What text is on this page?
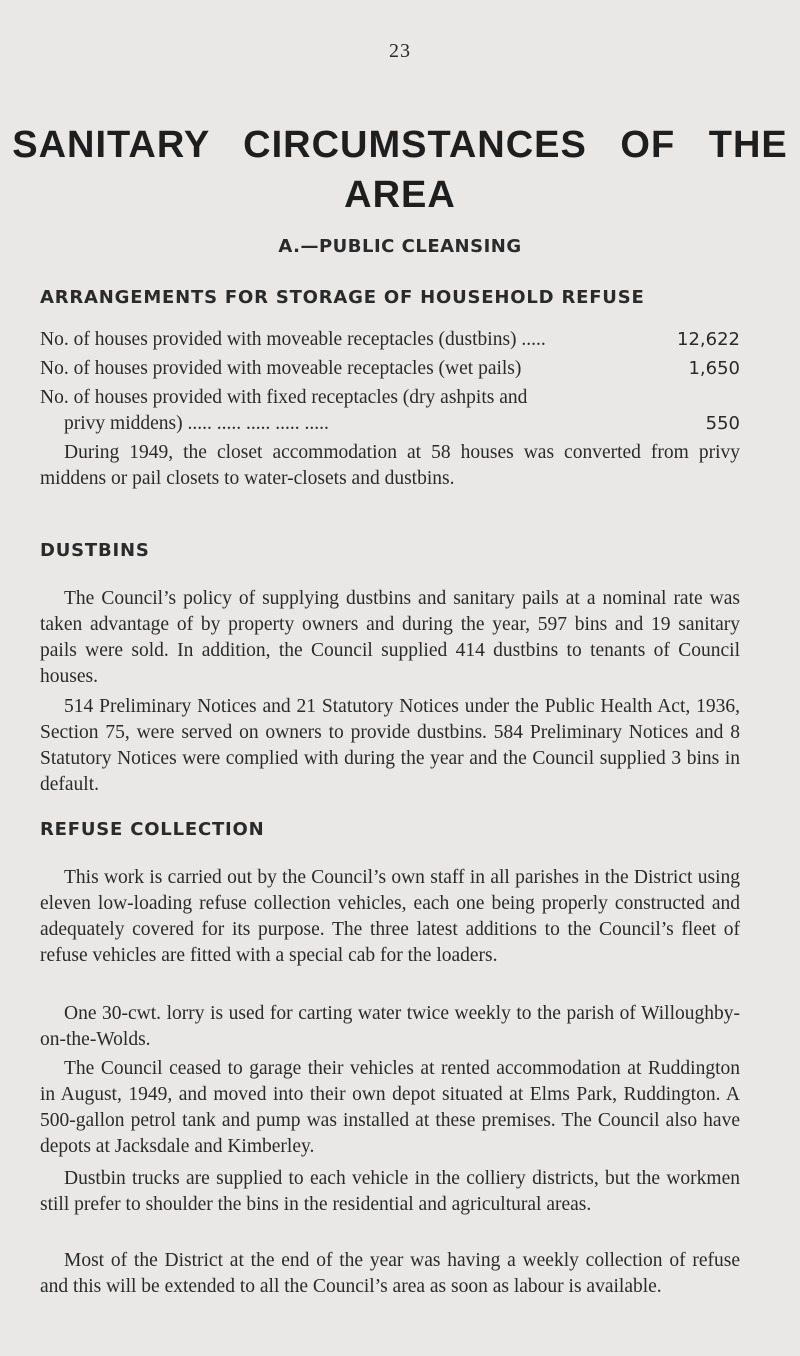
23
SANITARY CIRCUMSTANCES OF THE
AREA
A.—PUBLIC CLEANSING
ARRANGEMENTS FOR STORAGE OF HOUSEHOLD REFUSE
No. of houses provided with moveable receptacles (dustbins) .....	12,622
No. of houses provided with moveable receptacles (wet pails)	1,650
No. of houses provided with fixed receptacles (dry ashpits and
privy middens) ..... ..... ..... ..... .....	550

During 1949, the closet accommodation at 58 houses was converted from privy middens or pail closets to water-closets and dustbins.

DUSTBINS

The Council’s policy of supplying dustbins and sanitary pails at a nominal rate was taken advantage of by property owners and during the year, 597 bins and 19 sanitary pails were sold. In addition, the Council supplied 414 dustbins to tenants of Council houses.

514 Preliminary Notices and 21 Statutory Notices under the Public Health Act, 1936, Section 75, were served on owners to provide dustbins. 584 Preliminary Notices and 8 Statutory Notices were complied with during the year and the Council supplied 3 bins in default.

REFUSE COLLECTION

This work is carried out by the Council’s own staff in all parishes in the District using eleven low-loading refuse collection vehicles, each one being properly constructed and adequately covered for its purpose. The three latest additions to the Council’s fleet of refuse vehicles are fitted with a special cab for the loaders.

One 30-cwt. lorry is used for carting water twice weekly to the parish of Willoughby-on-the-Wolds.

The Council ceased to garage their vehicles at rented accommodation at Ruddington in August, 1949, and moved into their own depot situated at Elms Park, Ruddington. A 500-gallon petrol tank and pump was installed at these premises. The Council also have depots at Jacksdale and Kimberley.

Dustbin trucks are supplied to each vehicle in the colliery districts, but the workmen still prefer to shoulder the bins in the residential and agricultural areas.

Most of the District at the end of the year was having a weekly collection of refuse and this will be extended to all the Council’s area as soon as labour is available.
